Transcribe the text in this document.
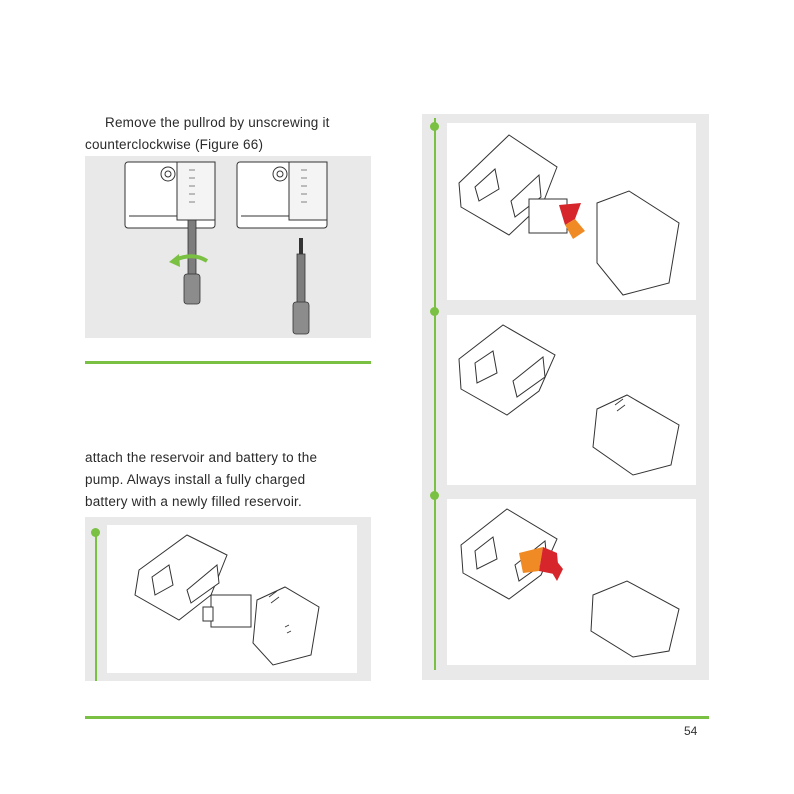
Remove the pullrod by unscrewing it
counterclockwise (Figure 66)
attach the reservoir and battery to the
pump. Always install a fully charged
battery with a newly filled reservoir.
54
